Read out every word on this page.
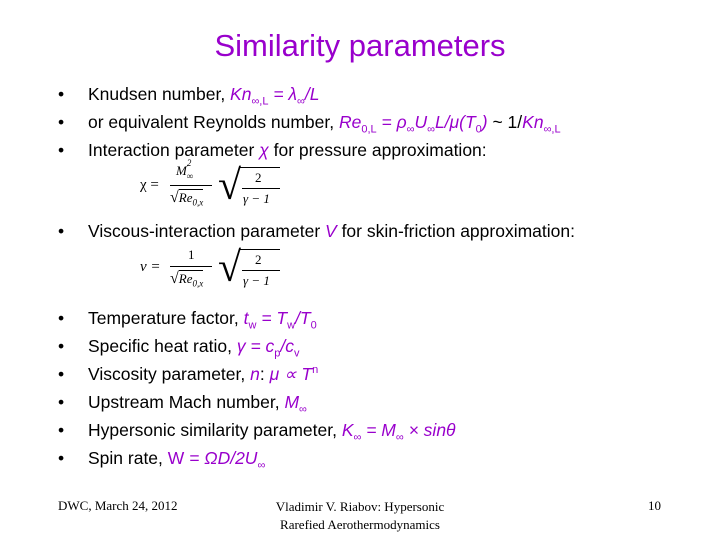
Similarity parameters
• Knudsen number, $Kn_{\infty,L} = \lambda_\infty/L$
• or equivalent Reynolds number, $Re_{0,L} = \rho_\infty U_\infty L/\mu(T_0)$ ~ $1/Kn_{\infty,L}$
• Interaction parameter χ for pressure approximation:
χ =
M 2
∞
$√Re_{0,x}$ √ 2
γ − 1
• Viscous-interaction parameter V for skin-friction approximation:
v =
1
$√Re_{0,x}$ √ 2
γ − 1
• Temperature factor, $t_w = T_w/T_0$
• Specific heat ratio, $\gamma = c_p/c_v$
• Viscosity parameter, n: $\mu \propto T^n$
• Upstream Mach number, $M_\infty$
• Hypersonic similarity parameter, $K_\infty = M_\infty \times \sin\theta$
• Spin rate, $W = \Omega D/2U_\infty$
DWC, March 24, 2012	Vladimir V. Riabov: Hypersonic
Rarefied Aerothermodynamics
10
